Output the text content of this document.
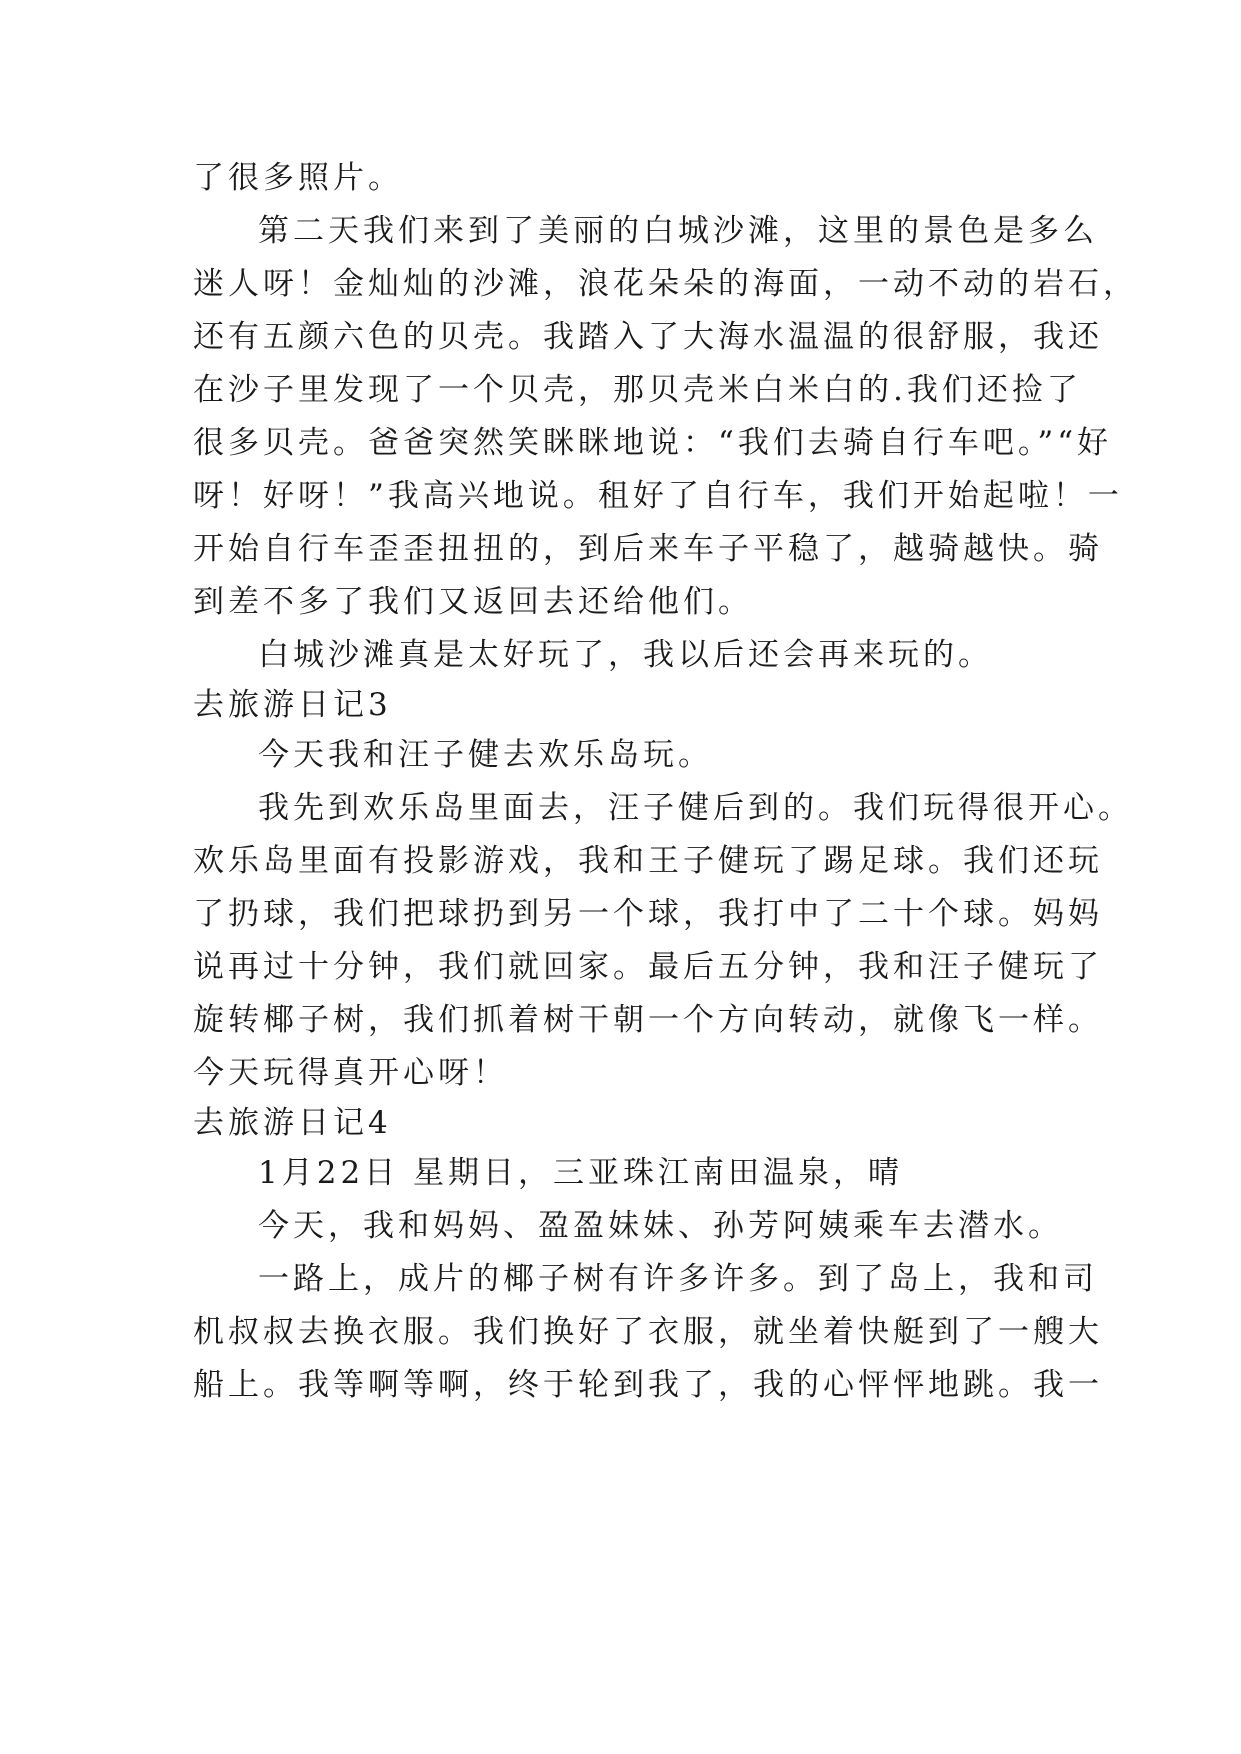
了很多照片。
第二天我们来到了美丽的白城沙滩，这里的景色是多么
迷人呀！金灿灿的沙滩，浪花朵朵的海面，一动不动的岩石，
还有五颜六色的贝壳。我踏入了大海水温温的很舒服，我还
在沙子里发现了一个贝壳，那贝壳米白米白的.我们还捡了
很多贝壳。爸爸突然笑眯眯地说：“我们去骑自行车吧。”“好
呀！好呀！”我高兴地说。租好了自行车，我们开始起啦！一
开始自行车歪歪扭扭的，到后来车子平稳了，越骑越快。骑
到差不多了我们又返回去还给他们。
白城沙滩真是太好玩了，我以后还会再来玩的。
去旅游日记3
今天我和汪子健去欢乐岛玩。
我先到欢乐岛里面去，汪子健后到的。我们玩得很开心。
欢乐岛里面有投影游戏，我和王子健玩了踢足球。我们还玩
了扔球，我们把球扔到另一个球，我打中了二十个球。妈妈
说再过十分钟，我们就回家。最后五分钟，我和汪子健玩了
旋转椰子树，我们抓着树干朝一个方向转动，就像飞一样。
今天玩得真开心呀！
去旅游日记4
1月22日 星期日，三亚珠江南田温泉，晴
今天，我和妈妈、盈盈妹妹、孙芳阿姨乘车去潜水。
一路上，成片的椰子树有许多许多。到了岛上，我和司
机叔叔去换衣服。我们换好了衣服，就坐着快艇到了一艘大
船上。我等啊等啊，终于轮到我了，我的心怦怦地跳。我一
